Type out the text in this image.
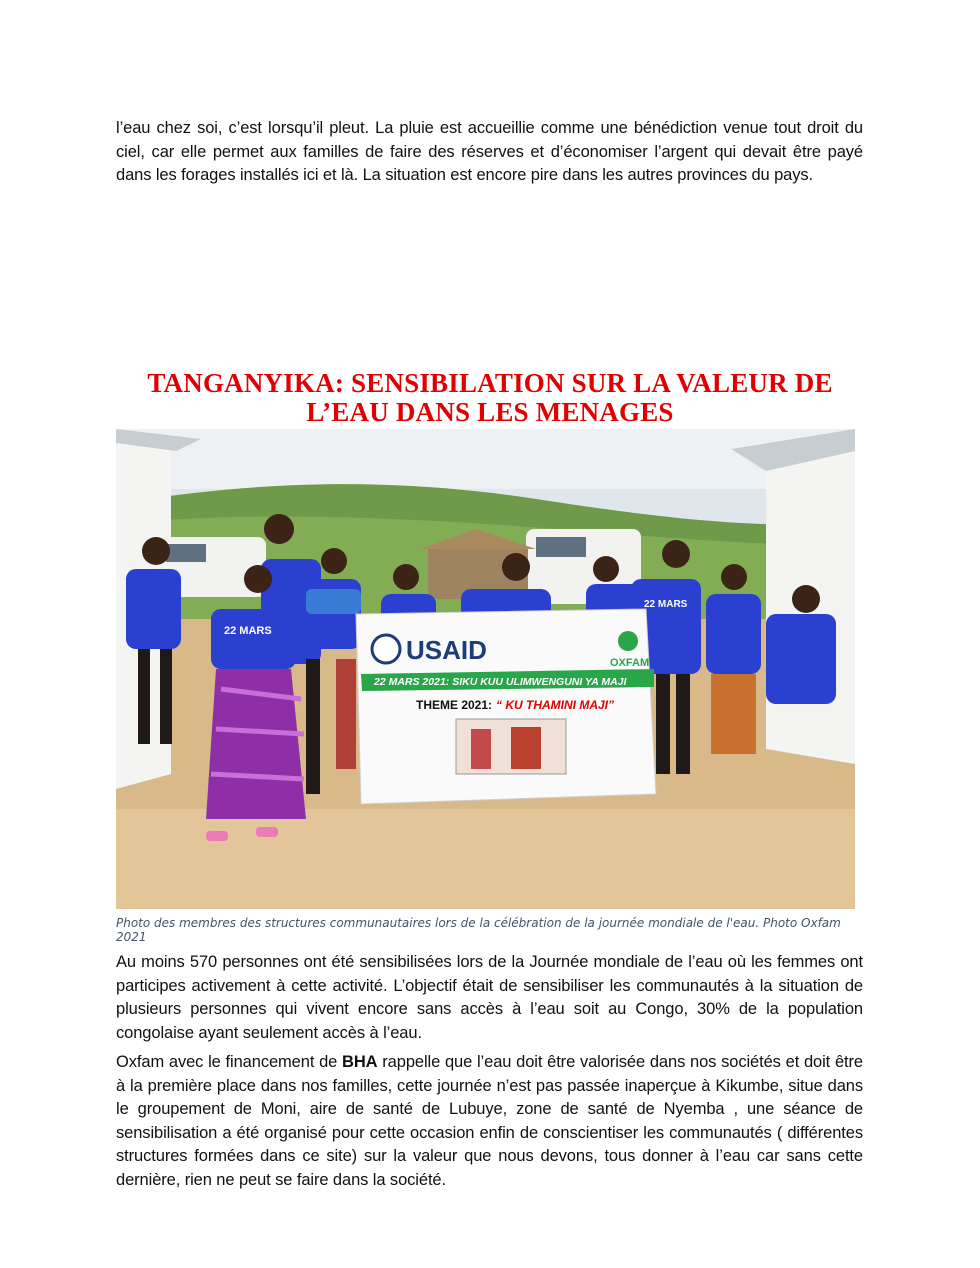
l’eau chez soi, c’est lorsqu’il pleut. La pluie est accueillie comme une bénédiction venue tout droit du ciel, car elle permet aux familles de faire des réserves et d’économiser l’argent qui devait être payé dans les forages installés ici et là. La situation est encore pire dans les autres provinces du pays.

TANGANYIKA: SENSIBILATION SUR LA VALEUR DE
L’EAU DANS LES MENAGES
USAID	OXFAM
22 MARS 2021: SIKU KUU ULIMWENGUNI YA MAJI
THEME 2021: “ KU THAMINI MAJI”
22 MARS
22 MARS
Photo des membres des structures communautaires lors de la célébration de la journée mondiale de l'eau. Photo Oxfam 2021

Au moins 570 personnes ont été sensibilisées lors de la Journée mondiale de l’eau où les femmes ont participes activement à cette activité. L’objectif était de sensibiliser les communautés à la situation de plusieurs personnes qui vivent encore sans accès à l’eau soit au Congo, 30% de la population congolaise ayant seulement accès à l’eau.

Oxfam avec le financement de BHA rappelle que l’eau doit être valorisée dans nos sociétés et doit être à la première place dans nos familles, cette journée n’est pas passée inaperçue à Kikumbe, situe dans le groupement de Moni, aire de santé de Lubuye, zone de santé de Nyemba , une séance de sensibilisation a été organisé pour cette occasion enfin de conscientiser les communautés ( différentes structures formées dans ce site) sur la valeur que nous devons, tous donner à l’eau car sans cette dernière, rien ne peut se faire dans la société.
